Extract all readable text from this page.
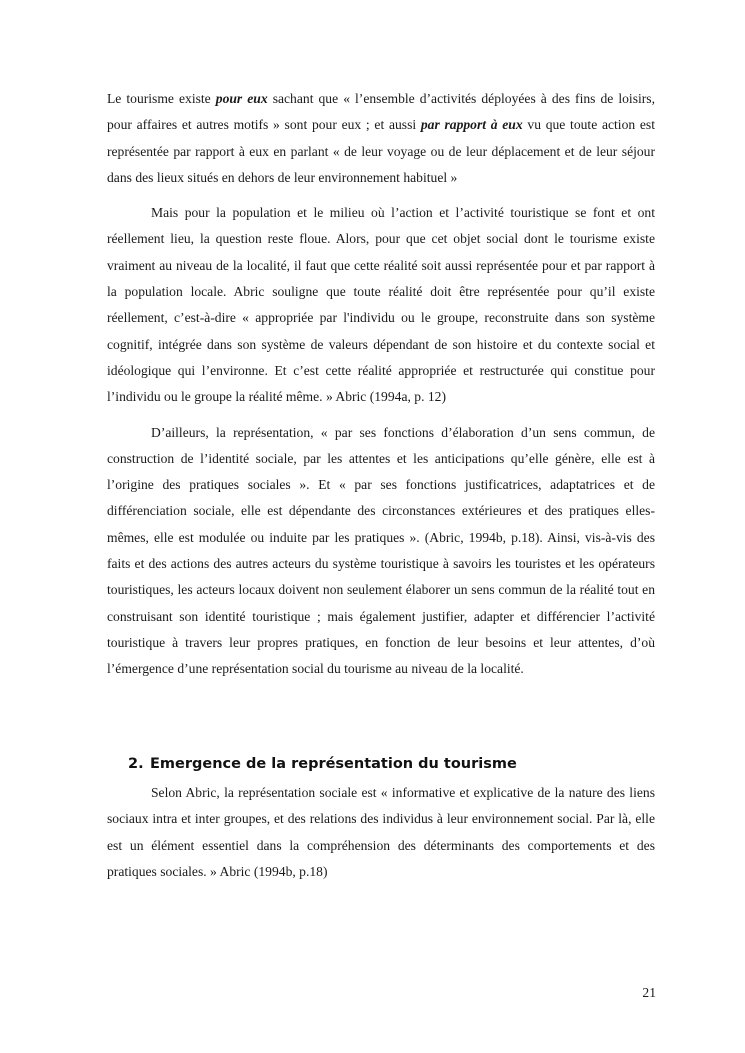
Le tourisme existe pour eux sachant que « l’ensemble d’activités déployées à des fins de loisirs, pour affaires et autres motifs » sont pour eux ; et aussi par rapport à eux vu que toute action est représentée par rapport à eux en parlant « de leur voyage ou de leur déplacement et de leur séjour dans des lieux situés en dehors de leur environnement habituel »

Mais pour la population et le milieu où l’action et l’activité touristique se font et ont réellement lieu, la question reste floue. Alors, pour que cet objet social dont le tourisme existe vraiment au niveau de la localité, il faut que cette réalité soit aussi représentée pour et par rapport à la population locale. Abric souligne que toute réalité doit être représentée pour qu’il existe réellement, c’est-à-dire « appropriée par l'individu ou le groupe, reconstruite dans son système cognitif, intégrée dans son système de valeurs dépendant de son histoire et du contexte social et idéologique qui l’environne. Et c’est cette réalité appropriée et restructurée qui constitue pour l’individu ou le groupe la réalité même. » Abric (1994a, p. 12)

D’ailleurs, la représentation, « par ses fonctions d’élaboration d’un sens commun, de construction de l’identité sociale, par les attentes et les anticipations qu’elle génère, elle est à l’origine des pratiques sociales ». Et « par ses fonctions justificatrices, adaptatrices et de différenciation sociale, elle est dépendante des circonstances extérieures et des pratiques elles-mêmes, elle est modulée ou induite par les pratiques ». (Abric, 1994b, p.18). Ainsi, vis-à-vis des faits et des actions des autres acteurs du système touristique à savoirs les touristes et les opérateurs touristiques, les acteurs locaux doivent non seulement élaborer un sens commun de la réalité tout en construisant son identité touristique ; mais également justifier, adapter et différencier l’activité touristique à travers leur propres pratiques, en fonction de leur besoins et leur attentes, d’où l’émergence d’une représentation social du tourisme au niveau de la localité.

2. Emergence de la représentation du tourisme

Selon Abric, la représentation sociale est « informative et explicative de la nature des liens sociaux intra et inter groupes, et des relations des individus à leur environnement social. Par là, elle est un élément essentiel dans la compréhension des déterminants des comportements et des pratiques sociales. » Abric (1994b, p.18)

21
